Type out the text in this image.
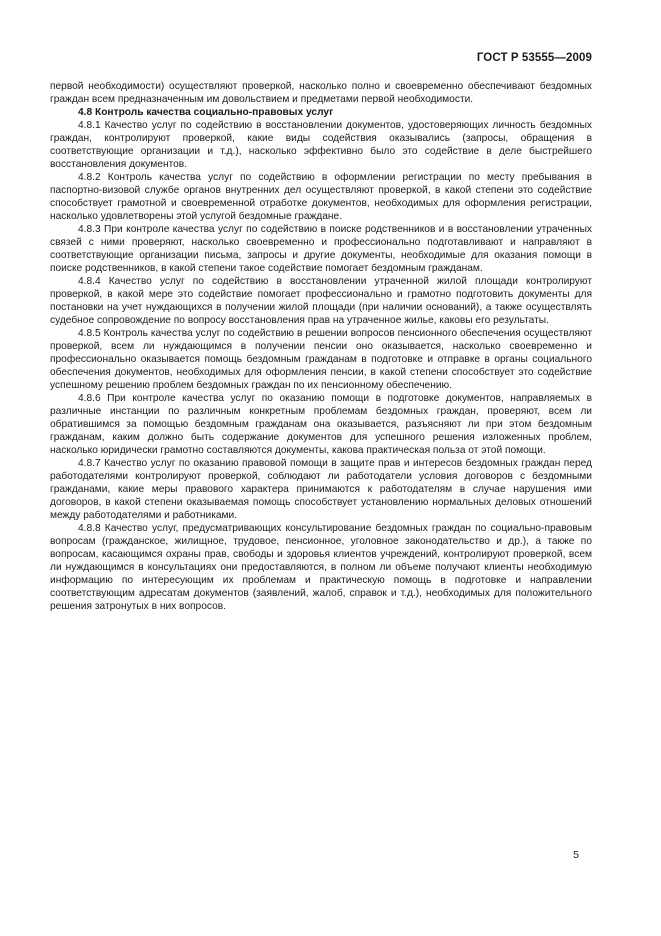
ГОСТ Р 53555—2009

первой необходимости) осуществляют проверкой, насколько полно и своевременно обеспечивают бездомных граждан всем предназначенным им довольствием и предметами первой необходимости.

4.8 Контроль качества социально-правовых услуг

4.8.1 Качество услуг по содействию в восстановлении документов, удостоверяющих личность бездомных граждан, контролируют проверкой, какие виды содействия оказывались (запросы, обращения в соответствующие организации и т.д.), насколько эффективно было это содействие в деле быстрейшего восстановления документов.

4.8.2 Контроль качества услуг по содействию в оформлении регистрации по месту пребывания в паспортно-визовой службе органов внутренних дел осуществляют проверкой, в какой степени это содействие способствует грамотной и своевременной отработке документов, необходимых для оформления регистрации, насколько удовлетворены этой услугой бездомные граждане.

4.8.3 При контроле качества услуг по содействию в поиске родственников и в восстановлении утраченных связей с ними проверяют, насколько своевременно и профессионально подготавливают и направляют в соответствующие организации письма, запросы и другие документы, необходимые для оказания помощи в поиске родственников, в какой степени такое содействие помогает бездомным гражданам.

4.8.4 Качество услуг по содействию в восстановлении утраченной жилой площади контролируют проверкой, в какой мере это содействие помогает профессионально и грамотно подготовить документы для постановки на учет нуждающихся в получении жилой площади (при наличии оснований), а также осуществлять судебное сопровождение по вопросу восстановления прав на утраченное жилье, каковы его результаты.

4.8.5 Контроль качества услуг по содействию в решении вопросов пенсионного обеспечения осуществляют проверкой, всем ли нуждающимся в получении пенсии оно оказывается, насколько своевременно и профессионально оказывается помощь бездомным гражданам в подготовке и отправке в органы социального обеспечения документов, необходимых для оформления пенсии, в какой степени способствует это содействие успешному решению проблем бездомных граждан по их пенсионному обеспечению.

4.8.6 При контроле качества услуг по оказанию помощи в подготовке документов, направляемых в различные инстанции по различным конкретным проблемам бездомных граждан, проверяют, всем ли обратившимся за помощью бездомным гражданам она оказывается, разъясняют ли при этом бездомным гражданам, каким должно быть содержание документов для успешного решения изложенных проблем, насколько юридически грамотно составляются документы, какова практическая польза от этой помощи.

4.8.7 Качество услуг по оказанию правовой помощи в защите прав и интересов бездомных граждан перед работодателями контролируют проверкой, соблюдают ли работодатели условия договоров с бездомными гражданами, какие меры правового характера принимаются к работодателям в случае нарушения ими договоров, в какой степени оказываемая помощь способствует установлению нормальных деловых отношений между работодателями и работниками.

4.8.8 Качество услуг, предусматривающих консультирование бездомных граждан по социально-правовым вопросам (гражданское, жилищное, трудовое, пенсионное, уголовное законодательство и др.), а также по вопросам, касающимся охраны прав, свободы и здоровья клиентов учреждений, контролируют проверкой, всем ли нуждающимся в консультациях они предоставляются, в полном ли объеме получают клиенты необходимую информацию по интересующим их проблемам и практическую помощь в подготовке и направлении соответствующим адресатам документов (заявлений, жалоб, справок и т.д.), необходимых для положительного решения затронутых в них вопросов.

5
